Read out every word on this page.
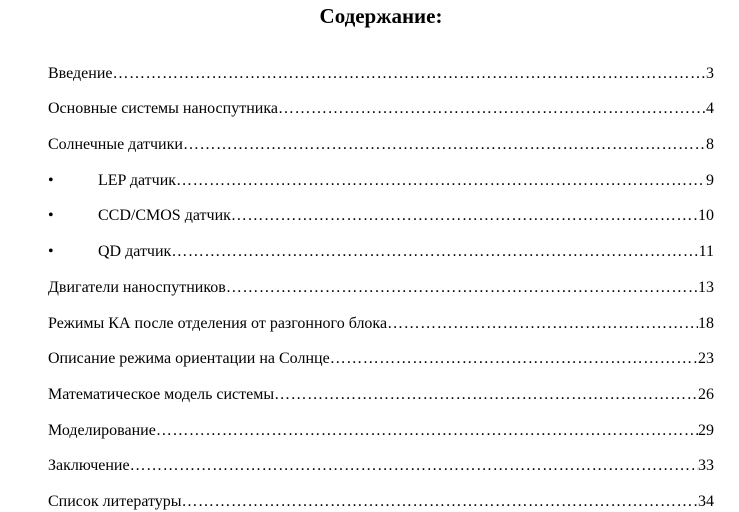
Содержание:
Введение ……………………………………………………………………………………………………………………………………………………………………	3
Основные системы наноспутника ……………………………………………………………………………………………………………………………………………………………………	4
Солнечные датчики ……………………………………………………………………………………………………………………………………………………………………	8
•	LEP датчик ……………………………………………………………………………………………………………………………………………………………………	9
•	CCD/CMOS датчик ……………………………………………………………………………………………………………………………………………………………………	10
•	QD датчик ……………………………………………………………………………………………………………………………………………………………………	11
Двигатели наноспутников ……………………………………………………………………………………………………………………………………………………………………	13
Режимы КА после отделения от разгонного блока ……………………………………………………………………………………………………………………………………………………………………	18
Описание режима ориентации на Солнце ……………………………………………………………………………………………………………………………………………………………………	23
Математическое модель системы ……………………………………………………………………………………………………………………………………………………………………	26
Моделирование ……………………………………………………………………………………………………………………………………………………………………	29
Заключение ……………………………………………………………………………………………………………………………………………………………………	33
Список литературы ……………………………………………………………………………………………………………………………………………………………………	34
